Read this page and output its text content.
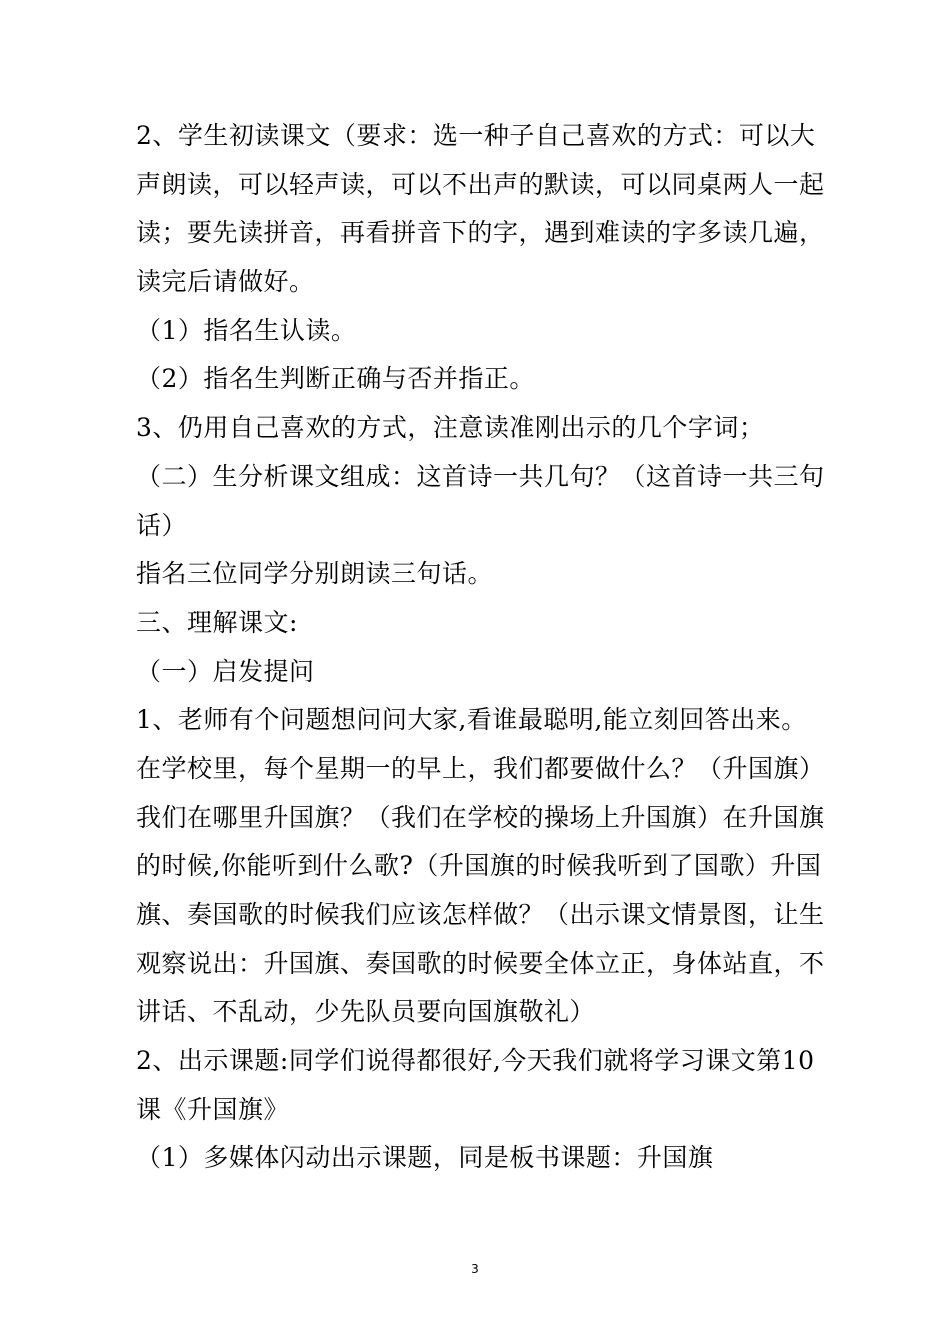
2、学生初读课文（要求：选一种子自己喜欢的方式：可以大
声朗读，可以轻声读，可以不出声的默读，可以同桌两人一起
读；要先读拼音，再看拼音下的字，遇到难读的字多读几遍，
读完后请做好。
（1）指名生认读。
（2）指名生判断正确与否并指正。
3、仍用自己喜欢的方式，注意读准刚出示的几个字词；
（二）生分析课文组成：这首诗一共几句？（这首诗一共三句
话）
指名三位同学分别朗读三句话。
三、理解课文:
（一）启发提问
1、老师有个问题想问问大家,看谁最聪明,能立刻回答出来。
在学校里，每个星期一的早上，我们都要做什么？（升国旗）
我们在哪里升国旗？（我们在学校的操场上升国旗）在升国旗
的时候,你能听到什么歌?（升国旗的时候我听到了国歌）升国
旗、奏国歌的时候我们应该怎样做？（出示课文情景图，让生
观察说出：升国旗、奏国歌的时候要全体立正，身体站直，不
讲话、不乱动，少先队员要向国旗敬礼）
2、出示课题:同学们说得都很好,今天我们就将学习课文第10
课《升国旗》
（1）多媒体闪动出示课题，同是板书课题：升国旗
3
